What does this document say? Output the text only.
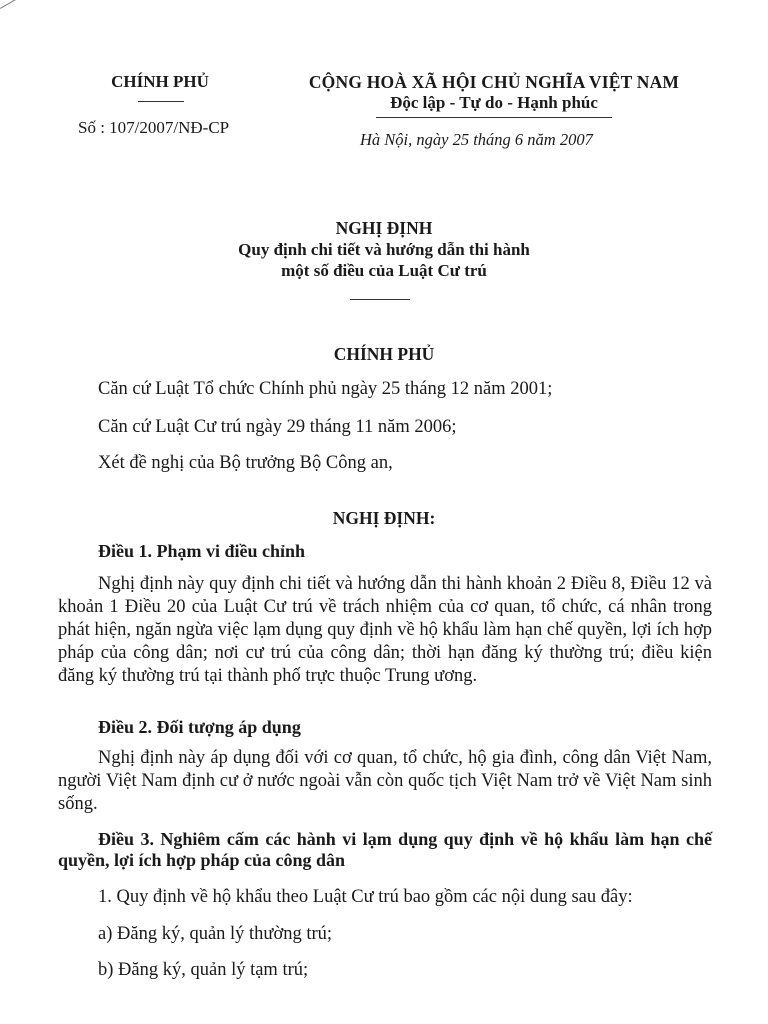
CHÍNH PHỦ
Số : 107/2007/NĐ-CP
CỘNG HOÀ XÃ HỘI CHỦ NGHĨA VIỆT NAM
Độc lập - Tự do - Hạnh phúc
Hà Nội, ngày 25 tháng 6 năm 2007
NGHỊ ĐỊNH
Quy định chi tiết và hướng dẫn thi hành
một số điều của Luật Cư trú
CHÍNH PHỦ
Căn cứ Luật Tổ chức Chính phủ ngày 25 tháng 12 năm 2001;
Căn cứ Luật Cư trú ngày 29 tháng 11 năm 2006;
Xét đề nghị của Bộ trưởng Bộ Công an,
NGHỊ ĐỊNH:
Điều 1. Phạm vi điều chỉnh
Nghị định này quy định chi tiết và hướng dẫn thi hành khoản 2 Điều 8, Điều 12 và khoản 1 Điều 20 của Luật Cư trú về trách nhiệm của cơ quan, tổ chức, cá nhân trong phát hiện, ngăn ngừa việc lạm dụng quy định về hộ khẩu làm hạn chế quyền, lợi ích hợp pháp của công dân; nơi cư trú của công dân; thời hạn đăng ký thường trú; điều kiện đăng ký thường trú tại thành phố trực thuộc Trung ương.
Điều 2. Đối tượng áp dụng
Nghị định này áp dụng đối với cơ quan, tổ chức, hộ gia đình, công dân Việt Nam, người Việt Nam định cư ở nước ngoài vẫn còn quốc tịch Việt Nam trở về Việt Nam sinh sống.
Điều 3. Nghiêm cấm các hành vi lạm dụng quy định về hộ khẩu làm hạn chế quyền, lợi ích hợp pháp của công dân
1. Quy định về hộ khẩu theo Luật Cư trú bao gồm các nội dung sau đây:
a) Đăng ký, quản lý thường trú;
b) Đăng ký, quản lý tạm trú;
